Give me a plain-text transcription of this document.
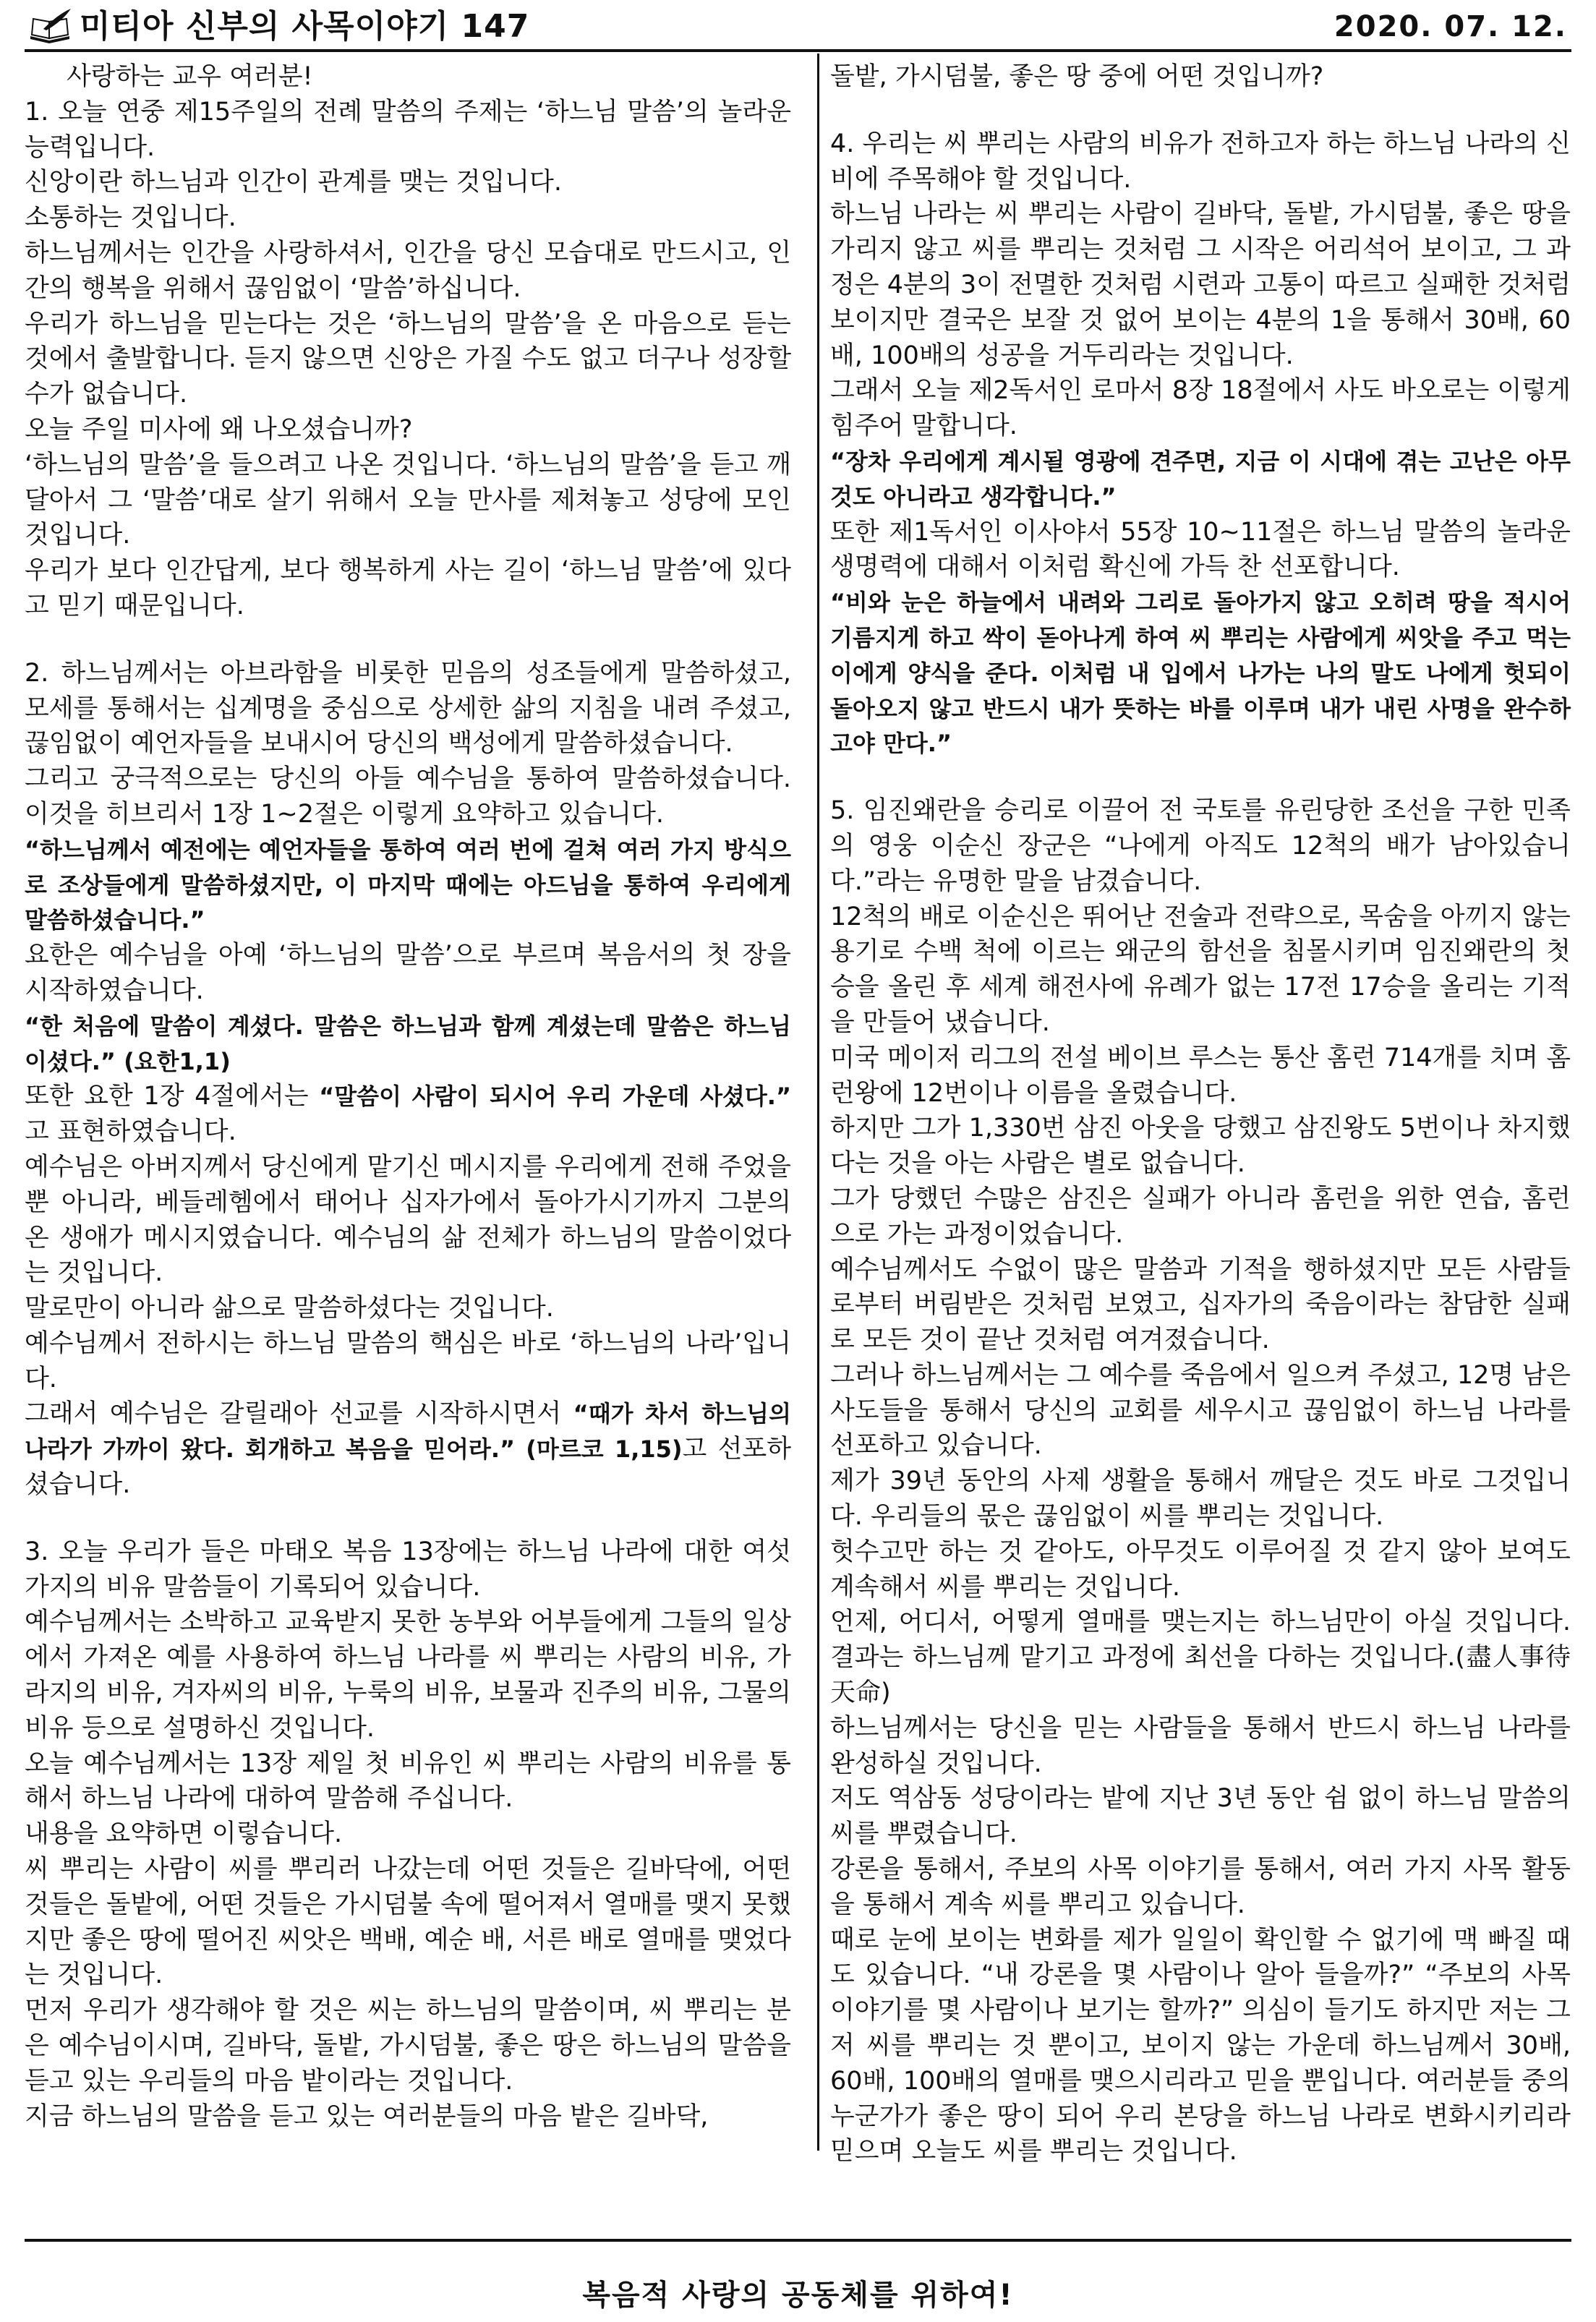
미티아 신부의 사목이야기 147	2020. 07. 12.

사랑하는 교우 여러분!

1. 오늘 연중 제15주일의 전례 말씀의 주제는 ‘하느님 말씀’의 놀라운 능력입니다.

신앙이란 하느님과 인간이 관계를 맺는 것입니다.

소통하는 것입니다.

하느님께서는 인간을 사랑하셔서, 인간을 당신 모습대로 만드시고, 인간의 행복을 위해서 끊임없이 ‘말씀’하십니다.

우리가 하느님을 믿는다는 것은 ‘하느님의 말씀’을 온 마음으로 듣는 것에서 출발합니다. 듣지 않으면 신앙은 가질 수도 없고 더구나 성장할 수가 없습니다.

오늘 주일 미사에 왜 나오셨습니까?

‘하느님의 말씀’을 들으려고 나온 것입니다. ‘하느님의 말씀’을 듣고 깨달아서 그 ‘말씀’대로 살기 위해서 오늘 만사를 제쳐놓고 성당에 모인 것입니다.

우리가 보다 인간답게, 보다 행복하게 사는 길이 ‘하느님 말씀’에 있다고 믿기 때문입니다.

2. 하느님께서는 아브라함을 비롯한 믿음의 성조들에게 말씀하셨고, 모세를 통해서는 십계명을 중심으로 상세한 삶의 지침을 내려 주셨고, 끊임없이 예언자들을 보내시어 당신의 백성에게 말씀하셨습니다.

그리고 궁극적으로는 당신의 아들 예수님을 통하여 말씀하셨습니다. 이것을 히브리서 1장 1~2절은 이렇게 요약하고 있습니다.

“하느님께서 예전에는 예언자들을 통하여 여러 번에 걸쳐 여러 가지 방식으로 조상들에게 말씀하셨지만, 이 마지막 때에는 아드님을 통하여 우리에게 말씀하셨습니다.”

요한은 예수님을 아예 ‘하느님의 말씀’으로 부르며 복음서의 첫 장을 시작하였습니다.

“한 처음에 말씀이 계셨다. 말씀은 하느님과 함께 계셨는데 말씀은 하느님이셨다.” (요한1,1)

또한 요한 1장 4절에서는 “말씀이 사람이 되시어 우리 가운데 사셨다.” 고 표현하였습니다.

예수님은 아버지께서 당신에게 맡기신 메시지를 우리에게 전해 주었을 뿐 아니라, 베들레헴에서 태어나 십자가에서 돌아가시기까지 그분의 온 생애가 메시지였습니다. 예수님의 삶 전체가 하느님의 말씀이었다는 것입니다.

말로만이 아니라 삶으로 말씀하셨다는 것입니다.

예수님께서 전하시는 하느님 말씀의 핵심은 바로 ‘하느님의 나라’입니다.

그래서 예수님은 갈릴래아 선교를 시작하시면서 “때가 차서 하느님의 나라가 가까이 왔다. 회개하고 복음을 믿어라.” (마르코 1,15)고 선포하셨습니다.

3. 오늘 우리가 들은 마태오 복음 13장에는 하느님 나라에 대한 여섯 가지의 비유 말씀들이 기록되어 있습니다.

예수님께서는 소박하고 교육받지 못한 농부와 어부들에게 그들의 일상에서 가져온 예를 사용하여 하느님 나라를 씨 뿌리는 사람의 비유, 가라지의 비유, 겨자씨의 비유, 누룩의 비유, 보물과 진주의 비유, 그물의 비유 등으로 설명하신 것입니다.

오늘 예수님께서는 13장 제일 첫 비유인 씨 뿌리는 사람의 비유를 통해서 하느님 나라에 대하여 말씀해 주십니다.

내용을 요약하면 이렇습니다.

씨 뿌리는 사람이 씨를 뿌리러 나갔는데 어떤 것들은 길바닥에, 어떤 것들은 돌밭에, 어떤 것들은 가시덤불 속에 떨어져서 열매를 맺지 못했지만 좋은 땅에 떨어진 씨앗은 백배, 예순 배, 서른 배로 열매를 맺었다는 것입니다.

먼저 우리가 생각해야 할 것은 씨는 하느님의 말씀이며, 씨 뿌리는 분은 예수님이시며, 길바닥, 돌밭, 가시덤불, 좋은 땅은 하느님의 말씀을 듣고 있는 우리들의 마음 밭이라는 것입니다.

지금 하느님의 말씀을 듣고 있는 여러분들의 마음 밭은 길바닥,

돌밭, 가시덤불, 좋은 땅 중에 어떤 것입니까?

4. 우리는 씨 뿌리는 사람의 비유가 전하고자 하는 하느님 나라의 신비에 주목해야 할 것입니다.

하느님 나라는 씨 뿌리는 사람이 길바닥, 돌밭, 가시덤불, 좋은 땅을 가리지 않고 씨를 뿌리는 것처럼 그 시작은 어리석어 보이고, 그 과정은 4분의 3이 전멸한 것처럼 시련과 고통이 따르고 실패한 것처럼 보이지만 결국은 보잘 것 없어 보이는 4분의 1을 통해서 30배, 60배, 100배의 성공을 거두리라는 것입니다.

그래서 오늘 제2독서인 로마서 8장 18절에서 사도 바오로는 이렇게 힘주어 말합니다.

“장차 우리에게 계시될 영광에 견주면, 지금 이 시대에 겪는 고난은 아무것도 아니라고 생각합니다.”

또한 제1독서인 이사야서 55장 10~11절은 하느님 말씀의 놀라운 생명력에 대해서 이처럼 확신에 가득 찬 선포합니다.

“비와 눈은 하늘에서 내려와 그리로 돌아가지 않고 오히려 땅을 적시어 기름지게 하고 싹이 돋아나게 하여 씨 뿌리는 사람에게 씨앗을 주고 먹는 이에게 양식을 준다. 이처럼 내 입에서 나가는 나의 말도 나에게 헛되이 돌아오지 않고 반드시 내가 뜻하는 바를 이루며 내가 내린 사명을 완수하고야 만다.”

5. 임진왜란을 승리로 이끌어 전 국토를 유린당한 조선을 구한 민족의 영웅 이순신 장군은 “나에게 아직도 12척의 배가 남아있습니다.”라는 유명한 말을 남겼습니다.

12척의 배로 이순신은 뛰어난 전술과 전략으로, 목숨을 아끼지 않는 용기로 수백 척에 이르는 왜군의 함선을 침몰시키며 임진왜란의 첫 승을 올린 후 세계 해전사에 유례가 없는 17전 17승을 올리는 기적을 만들어 냈습니다.

미국 메이저 리그의 전설 베이브 루스는 통산 홈런 714개를 치며 홈런왕에 12번이나 이름을 올렸습니다.

하지만 그가 1,330번 삼진 아웃을 당했고 삼진왕도 5번이나 차지했다는 것을 아는 사람은 별로 없습니다.

그가 당했던 수많은 삼진은 실패가 아니라 홈런을 위한 연습, 홈런으로 가는 과정이었습니다.

예수님께서도 수없이 많은 말씀과 기적을 행하셨지만 모든 사람들로부터 버림받은 것처럼 보였고, 십자가의 죽음이라는 참담한 실패로 모든 것이 끝난 것처럼 여겨졌습니다.

그러나 하느님께서는 그 예수를 죽음에서 일으켜 주셨고, 12명 남은 사도들을 통해서 당신의 교회를 세우시고 끊임없이 하느님 나라를 선포하고 있습니다.

제가 39년 동안의 사제 생활을 통해서 깨달은 것도 바로 그것입니다. 우리들의 몫은 끊임없이 씨를 뿌리는 것입니다.

헛수고만 하는 것 같아도, 아무것도 이루어질 것 같지 않아 보여도 계속해서 씨를 뿌리는 것입니다.

언제, 어디서, 어떻게 열매를 맺는지는 하느님만이 아실 것입니다. 결과는 하느님께 맡기고 과정에 최선을 다하는 것입니다.(盡人事待天命)

하느님께서는 당신을 믿는 사람들을 통해서 반드시 하느님 나라를 완성하실 것입니다.

저도 역삼동 성당이라는 밭에 지난 3년 동안 쉼 없이 하느님 말씀의 씨를 뿌렸습니다.

강론을 통해서, 주보의 사목 이야기를 통해서, 여러 가지 사목 활동을 통해서 계속 씨를 뿌리고 있습니다.

때로 눈에 보이는 변화를 제가 일일이 확인할 수 없기에 맥 빠질 때도 있습니다. “내 강론을 몇 사람이나 알아 들을까?” “주보의 사목이야기를 몇 사람이나 보기는 할까?” 의심이 들기도 하지만 저는 그저 씨를 뿌리는 것 뿐이고, 보이지 않는 가운데 하느님께서 30배, 60배, 100배의 열매를 맺으시리라고 믿을 뿐입니다. 여러분들 중의 누군가가 좋은 땅이 되어 우리 본당을 하느님 나라로 변화시키리라 믿으며 오늘도 씨를 뿌리는 것입니다.

복음적 사랑의 공동체를 위하여!
